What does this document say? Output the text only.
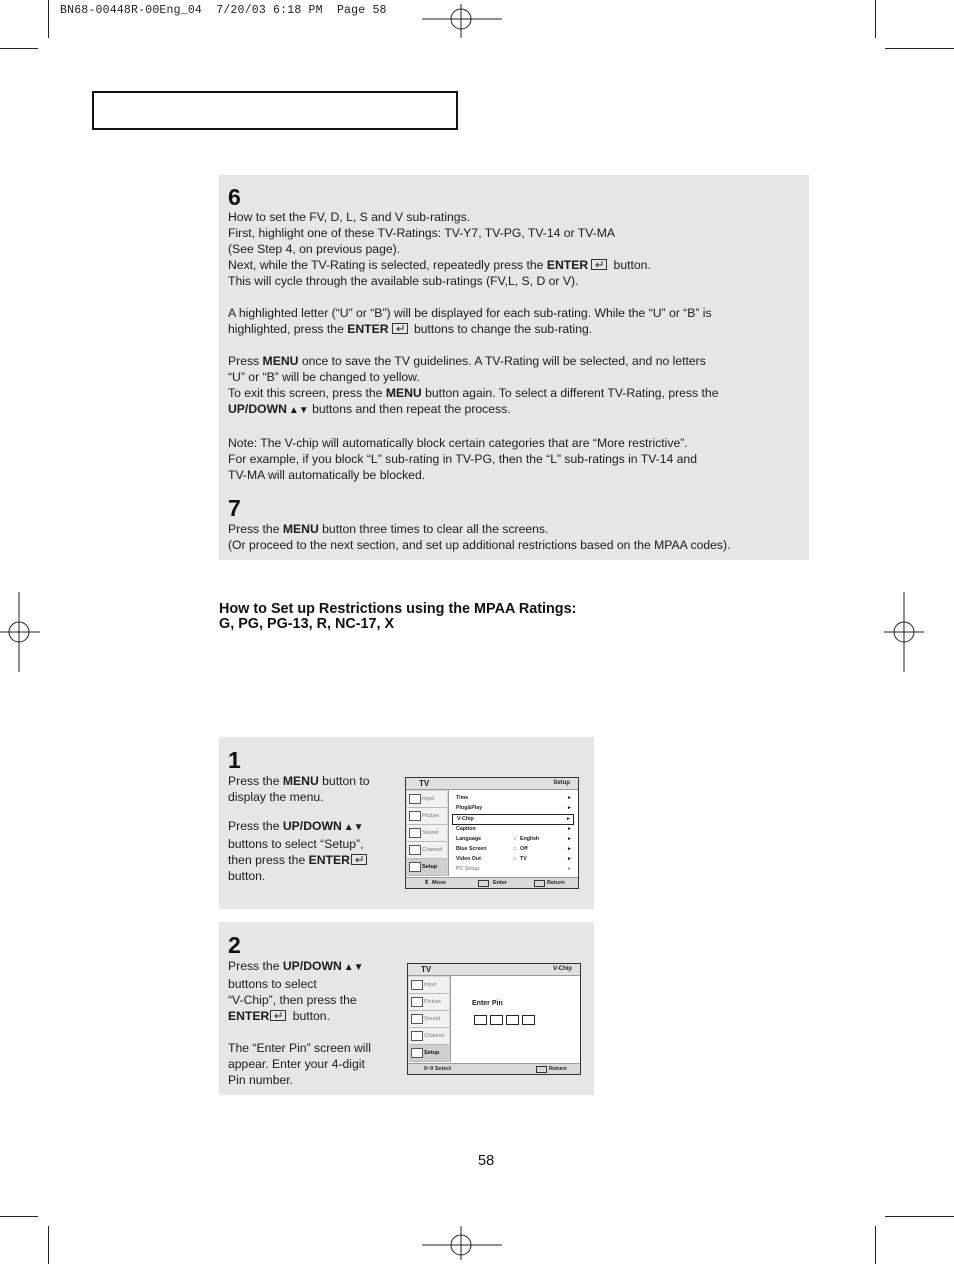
BN68-00448R-00Eng_04  7/20/03 6:18 PM  Page 58
6

How to set the FV, D, L, S and V sub-ratings.

First, highlight one of these TV-Ratings: TV-Y7, TV-PG, TV-14 or TV-MA

(See Step 4, on previous page).

Next, while the TV-Rating is selected, repeatedly press the ENTER
button.

This will cycle through the available sub-ratings (FV,L, S, D or V).

A highlighted letter (“U” or “B”) will be displayed for each sub-rating. While the “U” or “B” is

highlighted, press the ENTER
buttons to change the sub-rating.

Press MENU once to save the TV guidelines. A TV-Rating will be selected, and no letters

“U” or “B” will be changed to yellow.

To exit this screen, press the MENU button again. To select a different TV-Rating, press the

UP/DOWN ▲▼ buttons and then repeat the process.

Note: The V-chip will automatically block certain categories that are “More restrictive”.

For example, if you block “L” sub-rating in TV-PG, then the “L” sub-ratings in TV-14 and

TV-MA will automatically be blocked.

7

Press the MENU button three times to clear all the screens.

(Or proceed to the next section, and set up additional restrictions based on the MPAA codes).

How to Set up Restrictions using the MPAA Ratings:
G, PG, PG-13, R, NC-17, X
1

Press the MENU button to

display the menu.

Press the UP/DOWN ▲▼

buttons to select “Setup”,

then press the ENTER

button.

TV	Setup
Input
Picture
Sound
Channel
Setup
Time	►
Plug&Play	►
V-Chip	►
Caption	►
Language	: English	►
Blue Screen	: Off	►
Video Out	: TV	►
PC Setup	►
⇕ Move	Enter	Return
2

Press the UP/DOWN ▲▼

buttons to select

“V-Chip”, then press the

ENTER
button.

The “Enter Pin” screen will

appear. Enter your 4-digit

Pin number.

TV	V-Chip
Input
Picture
Sound
Channel
Setup
Enter Pin
0~9 Select	Return
58
